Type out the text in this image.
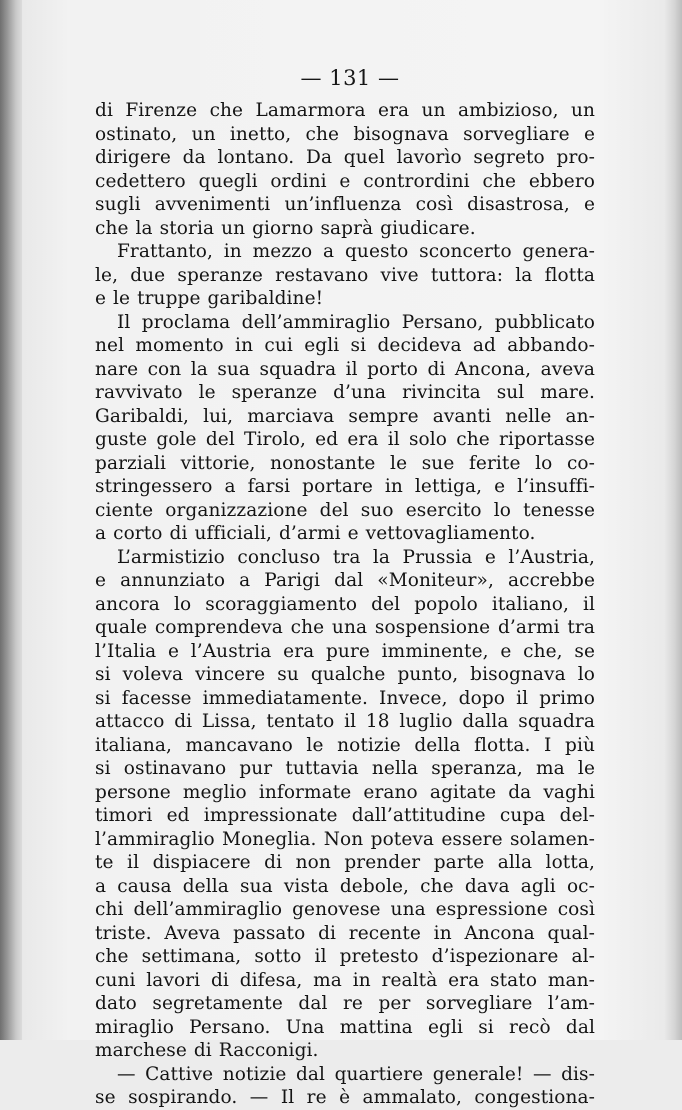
— 131 —
di Firenze che Lamarmora era un ambizioso, un
ostinato, un inetto, che bisognava sorvegliare e
dirigere da lontano. Da quel lavorìo segreto pro-
cedettero quegli ordini e contrordini che ebbero
sugli avvenimenti un’influenza così disastrosa, e
che la storia un giorno saprà giudicare.
Frattanto, in mezzo a questo sconcerto genera-
le, due speranze restavano vive tuttora: la flotta
e le truppe garibaldine!
Il proclama dell’ammiraglio Persano, pubblicato
nel momento in cui egli si decideva ad abbando-
nare con la sua squadra il porto di Ancona, aveva
ravvivato le speranze d’una rivincita sul mare.
Garibaldi, lui, marciava sempre avanti nelle an-
guste gole del Tirolo, ed era il solo che riportasse
parziali vittorie, nonostante le sue ferite lo co-
stringessero a farsi portare in lettiga, e l’insuffi-
ciente organizzazione del suo esercito lo tenesse
a corto di ufficiali, d’armi e vettovagliamento.
L’armistizio concluso tra la Prussia e l’Austria,
e annunziato a Parigi dal «Moniteur», accrebbe
ancora lo scoraggiamento del popolo italiano, il
quale comprendeva che una sospensione d’armi tra
l’Italia e l’Austria era pure imminente, e che, se
si voleva vincere su qualche punto, bisognava lo
si facesse immediatamente. Invece, dopo il primo
attacco di Lissa, tentato il 18 luglio dalla squadra
italiana, mancavano le notizie della flotta. I più
si ostinavano pur tuttavia nella speranza, ma le
persone meglio informate erano agitate da vaghi
timori ed impressionate dall’attitudine cupa del-
l’ammiraglio Moneglia. Non poteva essere solamen-
te il dispiacere di non prender parte alla lotta,
a causa della sua vista debole, che dava agli oc-
chi dell’ammiraglio genovese una espressione così
triste. Aveva passato di recente in Ancona qual-
che settimana, sotto il pretesto d’ispezionare al-
cuni lavori di difesa, ma in realtà era stato man-
dato segretamente dal re per sorvegliare l’am-
miraglio Persano. Una mattina egli si recò dal
marchese di Racconigi.
— Cattive notizie dal quartiere generale! — dis-
se sospirando. — Il re è ammalato, congestiona-
